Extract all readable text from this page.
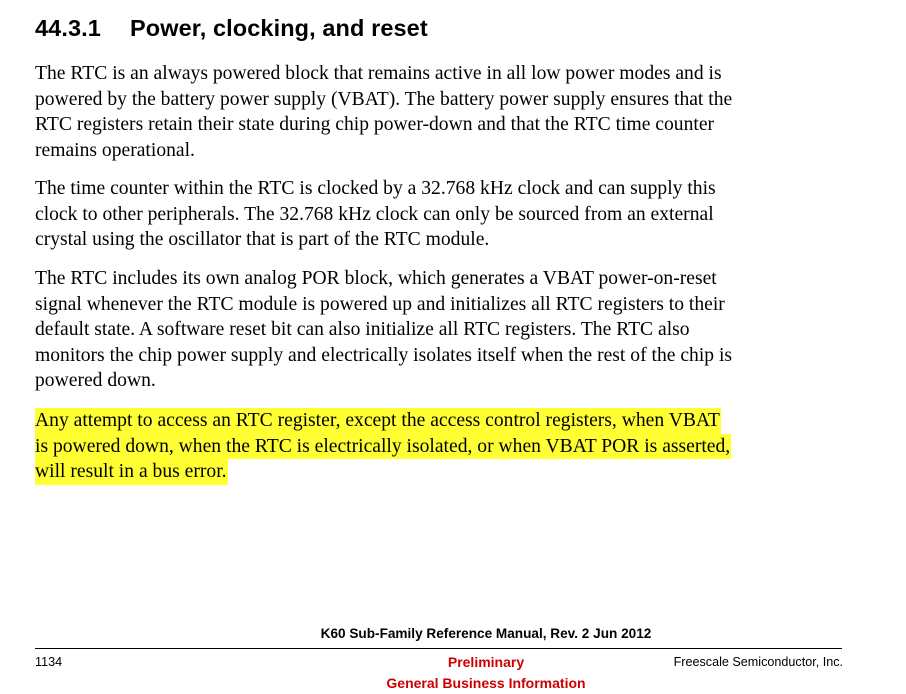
44.3.1 Power, clocking, and reset

The RTC is an always powered block that remains active in all low power modes and is
powered by the battery power supply (VBAT). The battery power supply ensures that the
RTC registers retain their state during chip power-down and that the RTC time counter
remains operational.

The time counter within the RTC is clocked by a 32.768 kHz clock and can supply this
clock to other peripherals. The 32.768 kHz clock can only be sourced from an external
crystal using the oscillator that is part of the RTC module.

The RTC includes its own analog POR block, which generates a VBAT power-on-reset
signal whenever the RTC module is powered up and initializes all RTC registers to their
default state. A software reset bit can also initialize all RTC registers. The RTC also
monitors the chip power supply and electrically isolates itself when the rest of the chip is
powered down.

Any attempt to access an RTC register, except the access control registers, when VBAT
is powered down, when the RTC is electrically isolated, or when VBAT POR is asserted,
will result in a bus error.

K60 Sub-Family Reference Manual, Rev. 2 Jun 2012
1134	Preliminary
General Business Information
Freescale Semiconductor, Inc.
